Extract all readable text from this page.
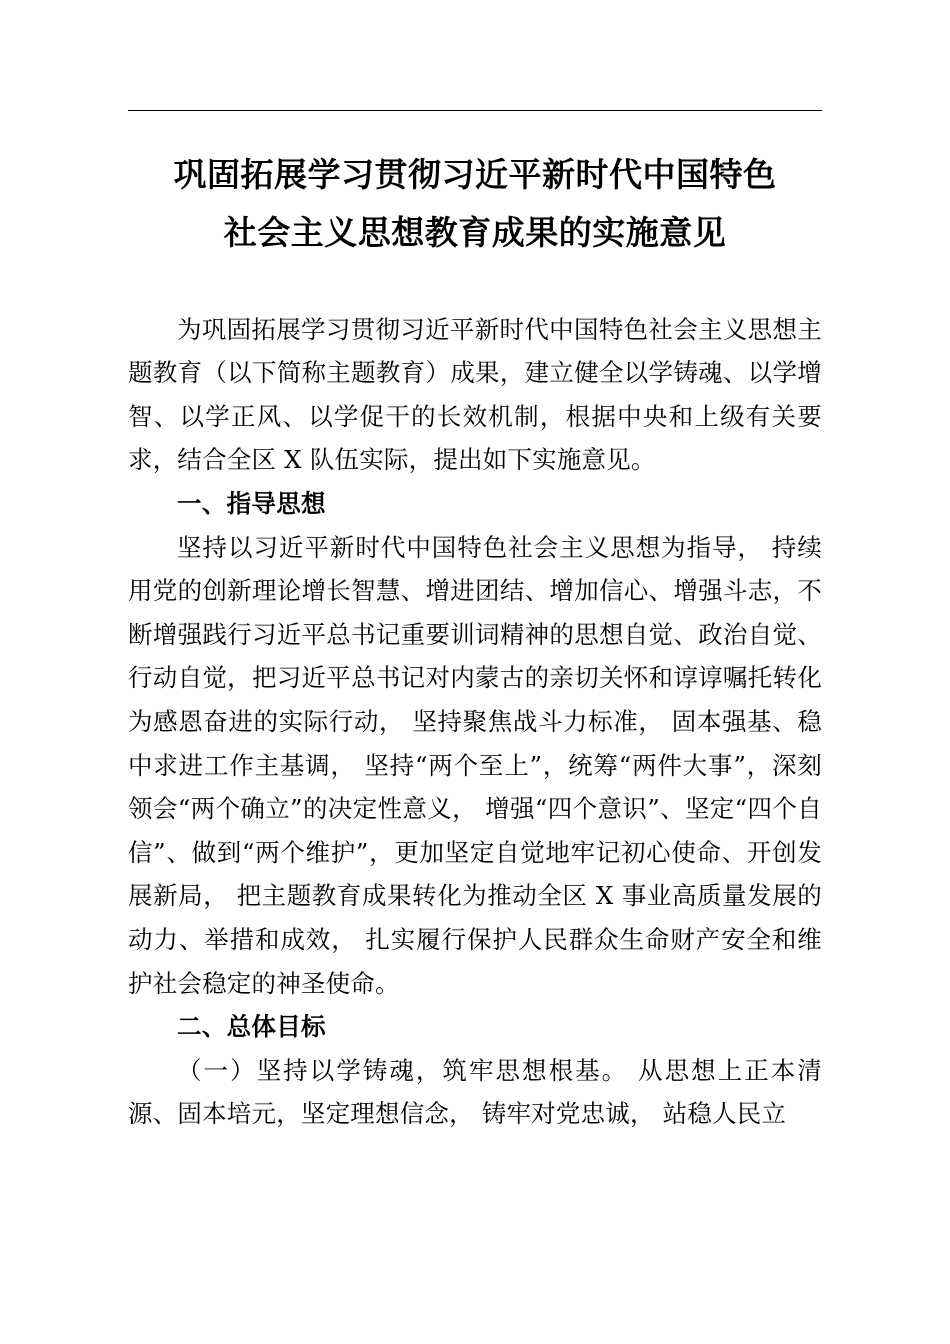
巩固拓展学习贯彻习近平新时代中国特色
社会主义思想教育成果的实施意见

为巩固拓展学习贯彻习近平新时代中国特色社会主义思想主题教育（以下简称主题教育）成果，建立健全以学铸魂、以学增智、以学正风、以学促干的长效机制，根据中央和上级有关要求，结合全区 X 队伍实际，提出如下实施意见。

一、指导思想

坚持以习近平新时代中国特色社会主义思想为指导， 持续用党的创新理论增长智慧、增进团结、增加信心、增强斗志，不断增强践行习近平总书记重要训词精神的思想自觉、政治自觉、行动自觉，把习近平总书记对内蒙古的亲切关怀和谆谆嘱托转化为感恩奋进的实际行动， 坚持聚焦战斗力标准， 固本强基、稳中求进工作主基调， 坚持“两个至上”，统筹“两件大事”，深刻领会“两个确立”的决定性意义， 增强“四个意识”、坚定“四个自信”、做到“两个维护”，更加坚定自觉地牢记初心使命、开创发展新局， 把主题教育成果转化为推动全区 X 事业高质量发展的动力、举措和成效， 扎实履行保护人民群众生命财产安全和维护社会稳定的神圣使命。

二、总体目标

（一）坚持以学铸魂，筑牢思想根基。 从思想上正本清源、固本培元，坚定理想信念， 铸牢对党忠诚， 站稳人民立
